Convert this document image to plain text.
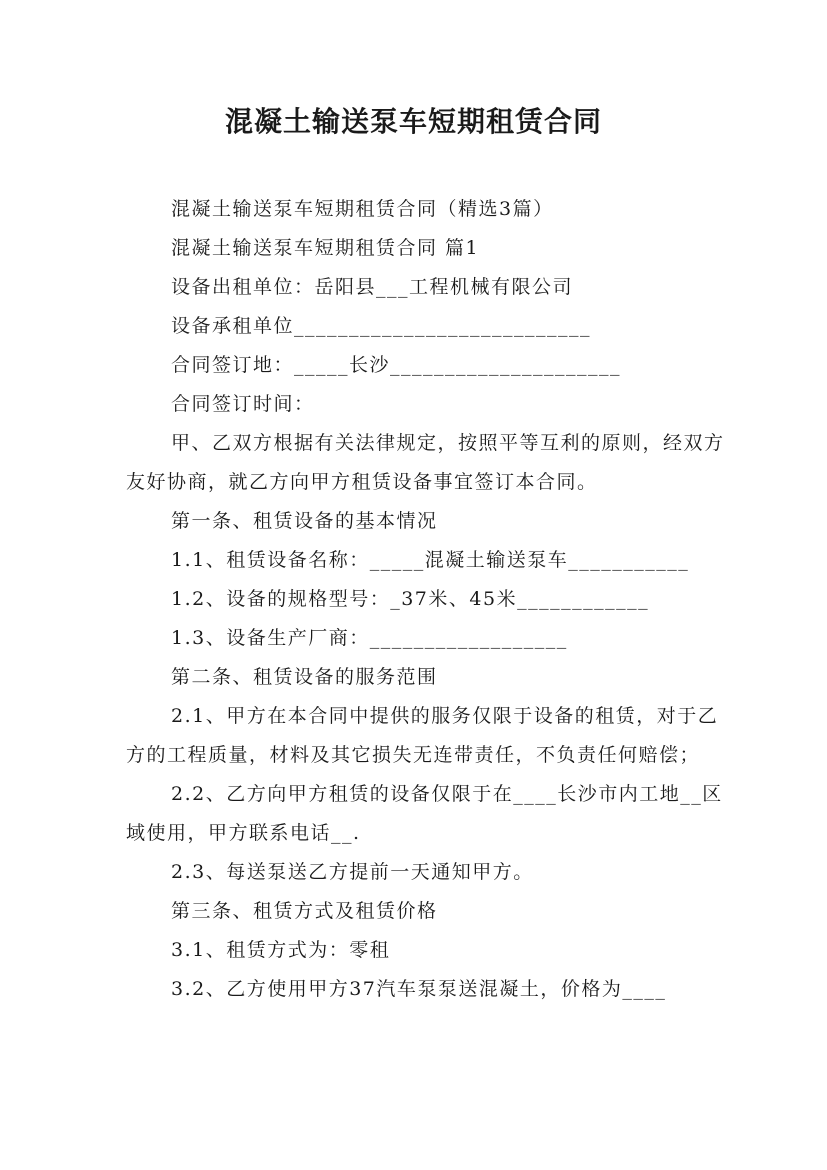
混凝土输送泵车短期租赁合同

混凝土输送泵车短期租赁合同（精选3篇）

混凝土输送泵车短期租赁合同 篇1

设备出租单位：岳阳县___工程机械有限公司

设备承租单位___________________________

合同签订地：_____长沙_____________________

合同签订时间：

甲、乙双方根据有关法律规定，按照平等互利的原则，经双方友好协商，就乙方向甲方租赁设备事宜签订本合同。

第一条、租赁设备的基本情况

1.1、租赁设备名称：_____混凝土输送泵车___________

1.2、设备的规格型号：_37米、45米____________

1.3、设备生产厂商：__________________

第二条、租赁设备的服务范围

2.1、甲方在本合同中提供的服务仅限于设备的租赁，对于乙方的工程质量，材料及其它损失无连带责任，不负责任何赔偿；

2.2、乙方向甲方租赁的设备仅限于在____长沙市内工地__区域使用，甲方联系电话__.

2.3、每送泵送乙方提前一天通知甲方。

第三条、租赁方式及租赁价格

3.1、租赁方式为：零租

3.2、乙方使用甲方37汽车泵泵送混凝土，价格为____
